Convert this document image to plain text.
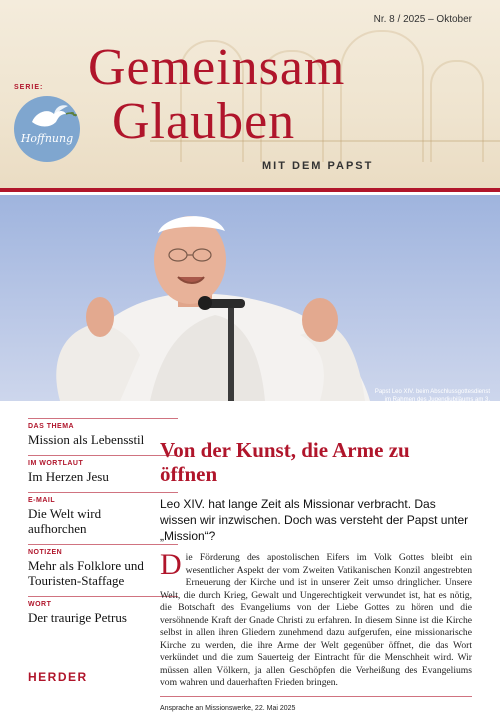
Nr. 8 / 2025 – Oktober
Gemeinsam
Glauben
MIT DEM PAPST
SERIE:
Hoffnung
Papst Leo XIV. beim Abschlussgottesdienst im Rahmen des Jugendjubiläums am 3. August 2025 in Rom
DAS THEMA
Mission als Lebensstil
IM WORTLAUT
Im Herzen Jesu
E-MAIL
Die Welt wird aufhorchen
NOTIZEN
Mehr als Folklore und Touristen-Staffage
WORT
Der traurige Petrus
HERDER
Von der Kunst, die Arme zu öffnen
Leo XIV. hat lange Zeit als Missionar verbracht. Das wissen wir inzwischen. Doch was versteht der Papst unter „Mission“?
Die Förderung des apostolischen Eifers im Volk Gottes bleibt ein wesentlicher Aspekt der vom Zweiten Vatikanischen Konzil angestrebten Erneuerung der Kirche und ist in unserer Zeit umso dringlicher. Unsere Welt, die durch Krieg, Gewalt und Ungerechtigkeit verwundet ist, hat es nötig, die Botschaft des Evangeliums von der Liebe Gottes zu hören und die versöhnende Kraft der Gnade Christi zu erfahren. In diesem Sinne ist die Kirche selbst in allen ihren Gliedern zunehmend dazu aufgerufen, eine missionarische Kirche zu werden, die ihre Arme der Welt gegenüber öffnet, die das Wort verkündet und die zum Sauerteig der Eintracht für die Menschheit wird. Wir müssen allen Völkern, ja allen Geschöpfen die Verheißung des Evangeliums vom wahren und dauerhaften Frieden bringen.
Ansprache an Missionswerke, 22. Mai 2025
